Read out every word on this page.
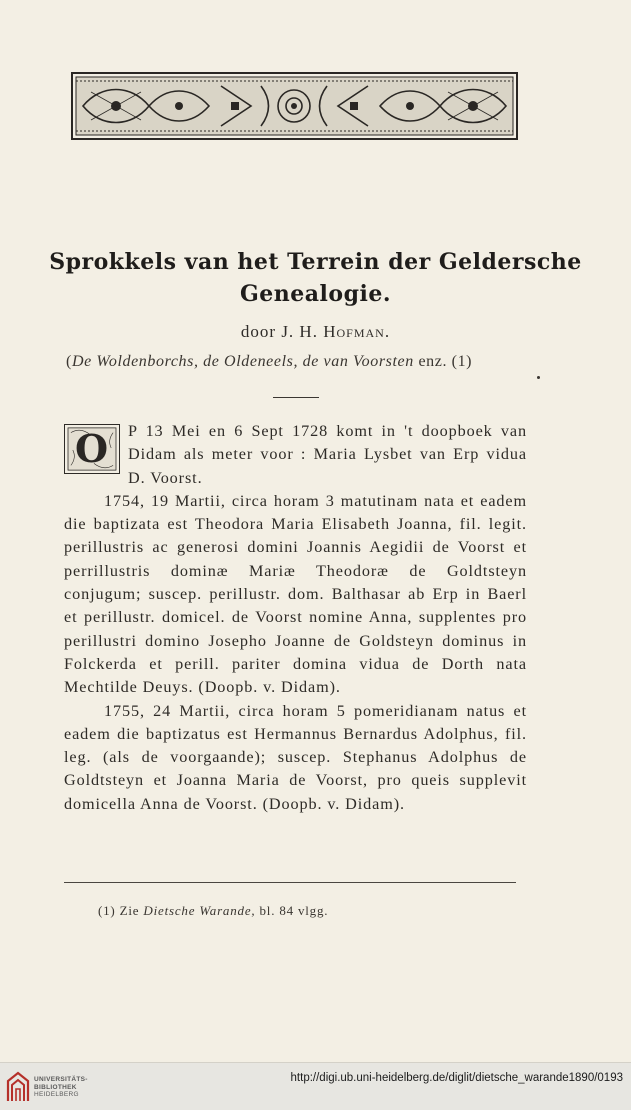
Sprokkels van het Terrein der Geldersche
Genealogie.
door J. H. Hofman.
(De Woldenborchs, de Oldeneels, de van Voorsten enz. (1)

O	P 13 Mei en 6 Sept 1728 komt in 't doopboek van Didam als meter voor : Maria Lysbet van Erp vidua D. Voorst.

1754, 19 Martii, circa horam 3 matutinam nata et eadem die baptizata est Theodora Maria Elisabeth Joanna, fil. legit. perillustris ac generosi domini Joannis Aegidii de Voorst et perrillustris dominæ Mariæ Theodoræ de Goldtsteyn conjugum; suscep. perillustr. dom. Balthasar ab Erp in Baerl et perillustr. domicel. de Voorst nomine Anna, supplentes pro perillustri domino Josepho Joanne de Goldsteyn dominus in Folckerda et perill. pariter domina vidua de Dorth nata Mechtilde Deuys. (Doopb. v. Didam).

1755, 24 Martii, circa horam 5 pomeridianam natus et eadem die baptizatus est Hermannus Bernardus Adolphus, fil. leg. (als de voorgaande); suscep. Stephanus Adolphus de Goldtsteyn et Joanna Maria de Voorst, pro queis supplevit domicella Anna de Voorst. (Doopb. v. Didam).

(1) Zie Dietsche Warande, bl. 84 vlgg.
UNIVERSITÄTS-
BIBLIOTHEK
HEIDELBERG
http://digi.ub.uni-heidelberg.de/diglit/dietsche_warande1890/0193
